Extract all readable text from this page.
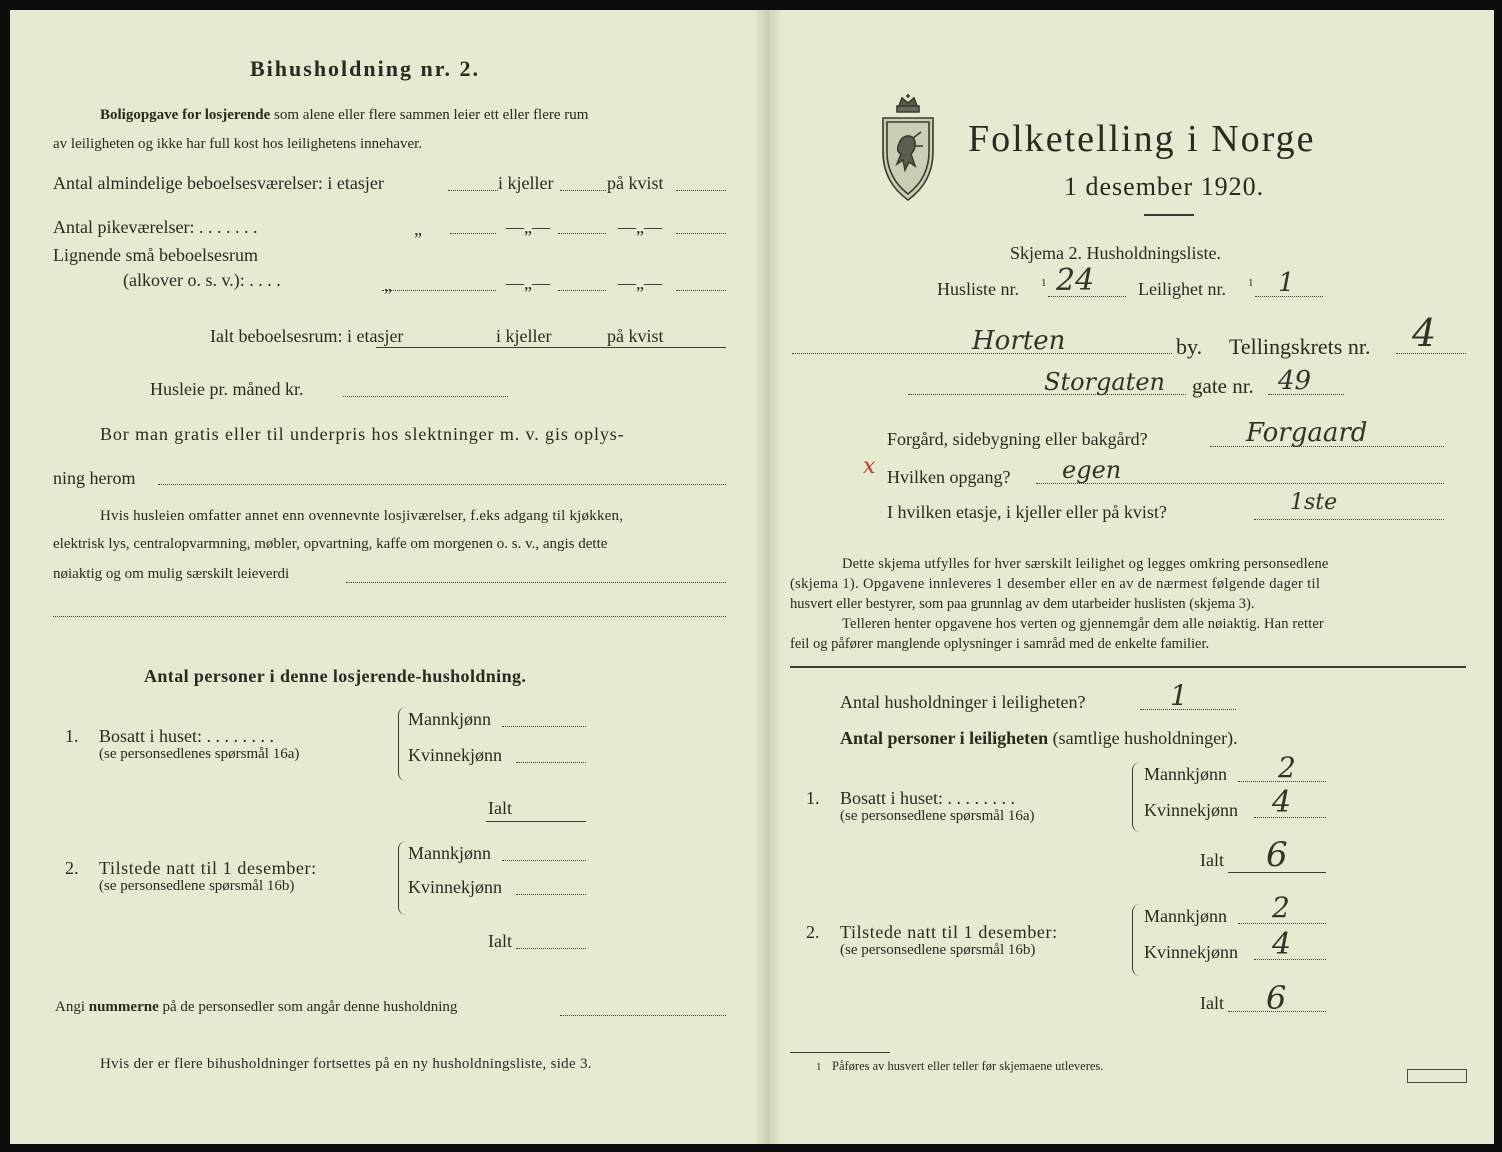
Bihusholdning nr. 2.
Boligopgave for losjerende som alene eller flere sammen leier ett eller flere rum
av leiligheten og ikke har full kost hos leilighetens innehaver.
Antal almindelige beboelsesværelser: i etasjer	i kjeller	på kvist
Antal pikeværelser: . . . . . . .	„	—„—	—„—
Lignende små beboelsesrum
(alkover o. s. v.): . . . .	„	—„—	—„—
Ialt beboelsesrum: i etasjer	i kjeller	på kvist
Husleie pr. måned kr.
Bor man gratis eller til underpris hos slektninger m. v. gis oplys-
ning herom
Hvis husleien omfatter annet enn ovennevnte losjiværelser, f.eks adgang til kjøkken,
elektrisk lys, centralopvarmning, møbler, opvartning, kaffe om morgenen o. s. v., angis dette
nøiaktig og om mulig særskilt leieverdi
Antal personer i denne losjerende-husholdning.
1. Bosatt i huset: . . . . . . . .
(se personsedlenes spørsmål 16a)
Mannkjønn
Kvinnekjønn
Ialt
2. Tilstede natt til 1 desember:
(se personsedlene spørsmål 16b)
Mannkjønn
Kvinnekjønn
Ialt
Angi nummerne på de personsedler som angår denne husholdning
Hvis der er flere bihusholdninger fortsettes på en ny husholdningsliste, side 3.
Folketelling i Norge
1 desember 1920.
Skjema 2. Husholdningsliste.
Husliste nr. 1 24 Leilighet nr. 1 1
Horten	by. Tellingskrets nr. 4
Storgaten gate nr. 49
Forgård, sidebygning eller bakgård?	Forgaard
x Hvilken opgang? egen
I hvilken etasje, i kjeller eller på kvist?	1ste
Dette skjema utfylles for hver særskilt leilighet og legges omkring personsedlene
(skjema 1). Opgavene innleveres 1 desember eller en av de nærmest følgende dager til
husvert eller bestyrer, som paa grunnlag av dem utarbeider huslisten (skjema 3).
Telleren henter opgavene hos verten og gjennemgår dem alle nøiaktig. Han retter
feil og påfører manglende oplysninger i samråd med de enkelte familier.
Antal husholdninger i leiligheten?	1
Antal personer i leiligheten (samtlige husholdninger).
1. Bosatt i huset: . . . . . . . .
(se personsedlene spørsmål 16a)
Mannkjønn 2
Kvinnekjønn 4
Ialt 6
2. Tilstede natt til 1 desember:
(se personsedlene spørsmål 16b)
Mannkjønn 2
Kvinnekjønn 4
Ialt 6
1 Påføres av husvert eller teller før skjemaene utleveres.
